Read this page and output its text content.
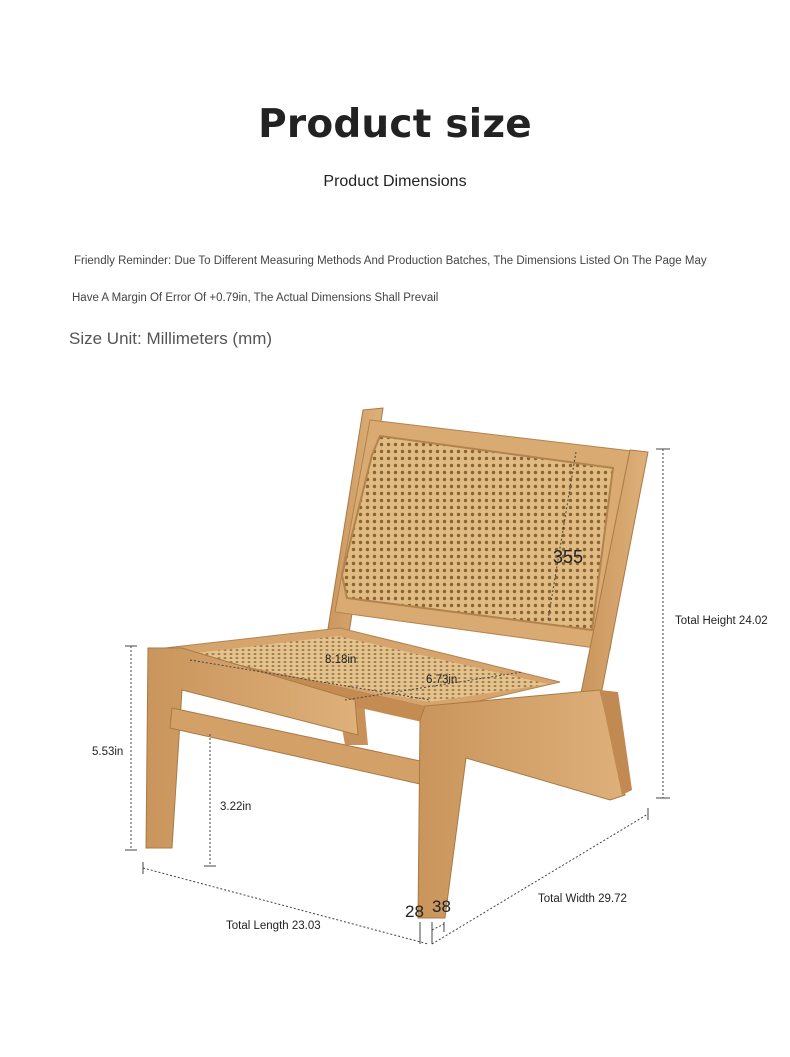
Product size
Product Dimensions
Friendly Reminder: Due To Different Measuring Methods And Production Batches, The Dimensions Listed On The Page May
Have A Margin Of Error Of +0.79in, The Actual Dimensions Shall Prevail
Size Unit: Millimeters (mm)
Total Height 24.02
Total Width 29.72
Total Length 23.03
5.53in
3.22in
8.18in
6.73in
355
28 38
